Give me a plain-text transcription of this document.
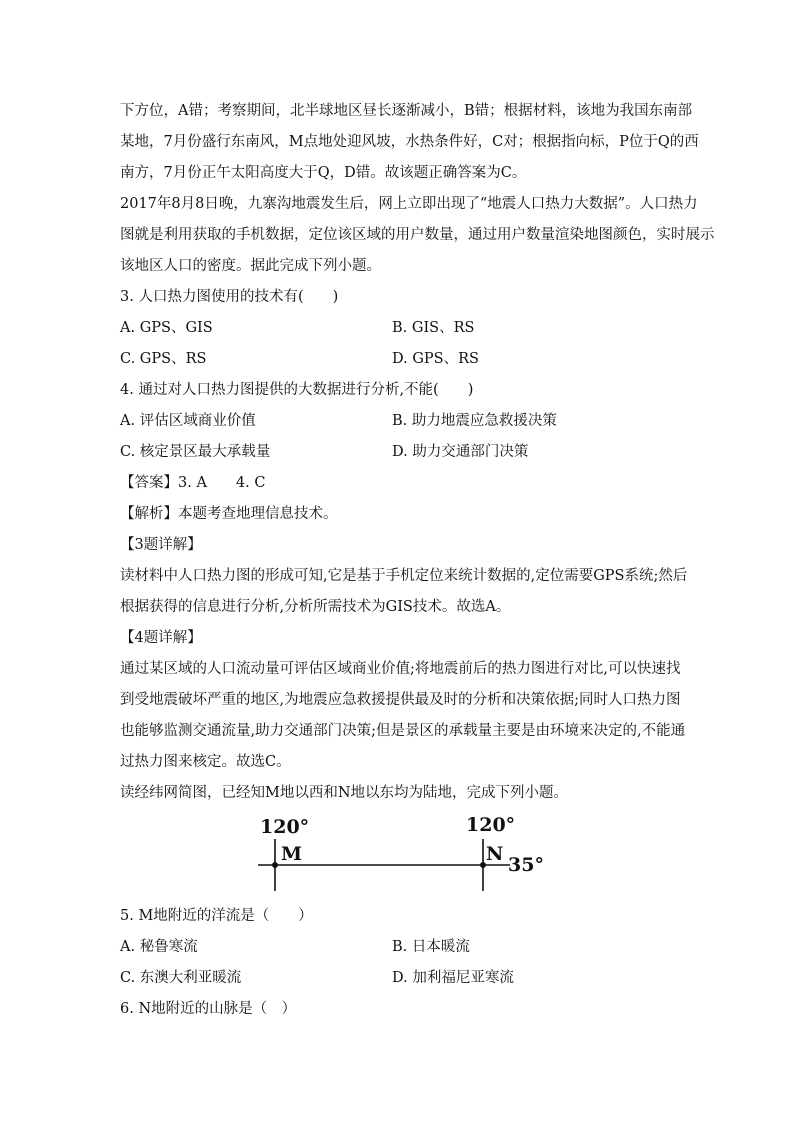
下方位，A错；考察期间，北半球地区昼长逐渐减小，B错；根据材料，该地为我国东南部
某地，7月份盛行东南风，M点地处迎风坡，水热条件好，C对；根据指向标，P位于Q的西
南方，7月份正午太阳高度大于Q，D错。故该题正确答案为C。
2017年8月8日晚，九寨沟地震发生后，网上立即出现了“地震人口热力大数据”。人口热力
图就是利用获取的手机数据，定位该区域的用户数量，通过用户数量渲染地图颜色，实时展示
该地区人口的密度。据此完成下列小题。
3. 人口热力图使用的技术有(　　)
A. GPS、GIS	B. GIS、RS
C. GPS、RS	D. GPS、RS
4. 通过对人口热力图提供的大数据进行分析,不能(　　)
A. 评估区域商业价值	B. 助力地震应急救援决策
C. 核定景区最大承载量	D. 助力交通部门决策
【答案】3. A　　4. C
【解析】本题考查地理信息技术。
【3题详解】
读材料中人口热力图的形成可知,它是基于手机定位来统计数据的,定位需要GPS系统;然后
根据获得的信息进行分析,分析所需技术为GIS技术。故选A。
【4题详解】
通过某区域的人口流动量可评估区域商业价值;将地震前后的热力图进行对比,可以快速找
到受地震破坏严重的地区,为地震应急救援提供最及时的分析和决策依据;同时人口热力图
也能够监测交通流量,助力交通部门决策;但是景区的承载量主要是由环境来决定的,不能通
过热力图来核定。故选C。
读经纬网简图，已经知M地以西和N地以东均为陆地，完成下列小题。
120°	120°
M	N 35°
5. M地附近的洋流是（　　）
A. 秘鲁寒流	B. 日本暖流
C. 东澳大利亚暖流	D. 加利福尼亚寒流
6. N地附近的山脉是（　）
